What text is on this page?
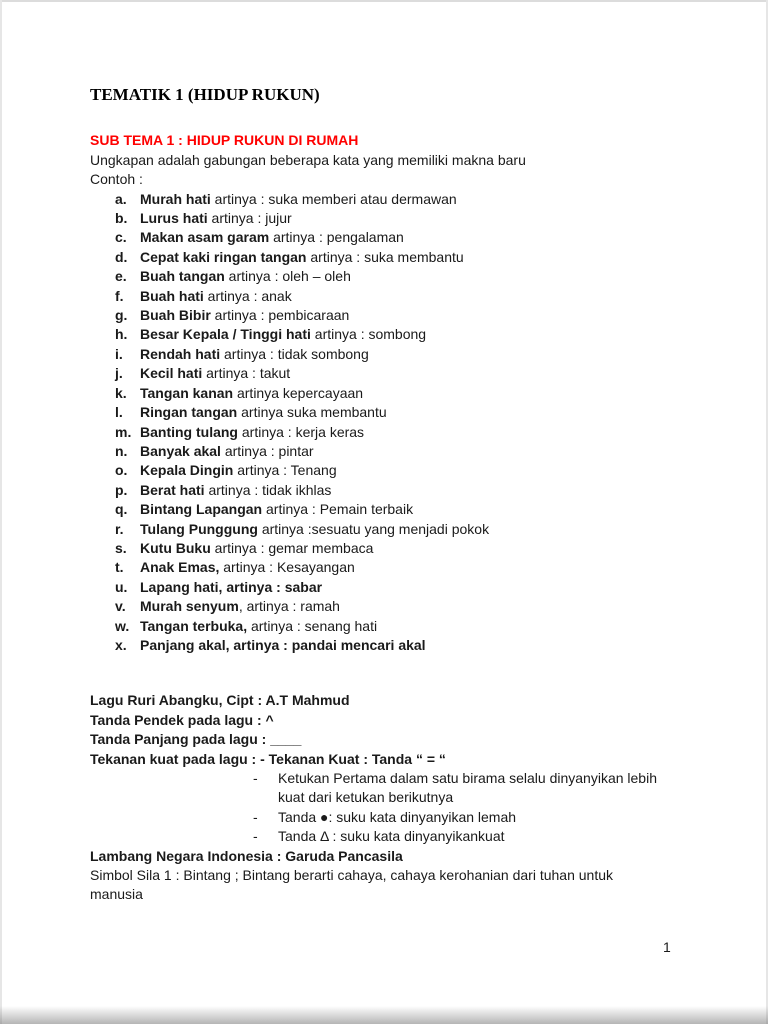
TEMATIK 1 (HIDUP RUKUN)
SUB TEMA 1 : HIDUP RUKUN DI RUMAH
Ungkapan adalah gabungan beberapa kata yang memiliki makna baru
Contoh :
a. Murah hati artinya : suka memberi atau dermawan
b. Lurus hati artinya : jujur
c. Makan asam garam artinya : pengalaman
d. Cepat kaki ringan tangan artinya : suka membantu
e. Buah tangan artinya : oleh – oleh
f. Buah hati artinya : anak
g. Buah Bibir artinya : pembicaraan
h. Besar Kepala / Tinggi hati artinya : sombong
i. Rendah hati artinya : tidak sombong
j. Kecil hati artinya : takut
k. Tangan kanan artinya kepercayaan
l. Ringan tangan artinya suka membantu
m. Banting tulang artinya : kerja keras
n. Banyak akal artinya : pintar
o. Kepala Dingin artinya : Tenang
p. Berat hati artinya : tidak ikhlas
q. Bintang Lapangan artinya : Pemain terbaik
r. Tulang Punggung artinya :sesuatu yang menjadi pokok
s. Kutu Buku artinya : gemar membaca
t. Anak Emas, artinya : Kesayangan
u. Lapang hati, artinya : sabar
v. Murah senyum, artinya : ramah
w. Tangan terbuka, artinya : senang hati
x. Panjang akal, artinya : pandai mencari akal
Lagu Ruri Abangku, Cipt : A.T Mahmud
Tanda Pendek pada lagu : ^
Tanda Panjang pada lagu : ____
Tekanan kuat pada lagu : - Tekanan Kuat : Tanda “ = “
-	Ketukan Pertama dalam satu birama selalu dinyanyikan lebih kuat dari ketukan berikutnya
-	Tanda ●: suku kata dinyanyikan lemah
-	Tanda Δ : suku kata dinyanyikankuat
Lambang Negara Indonesia : Garuda Pancasila
Simbol Sila 1 : Bintang ; Bintang berarti cahaya, cahaya kerohanian dari tuhan untuk manusia
1
